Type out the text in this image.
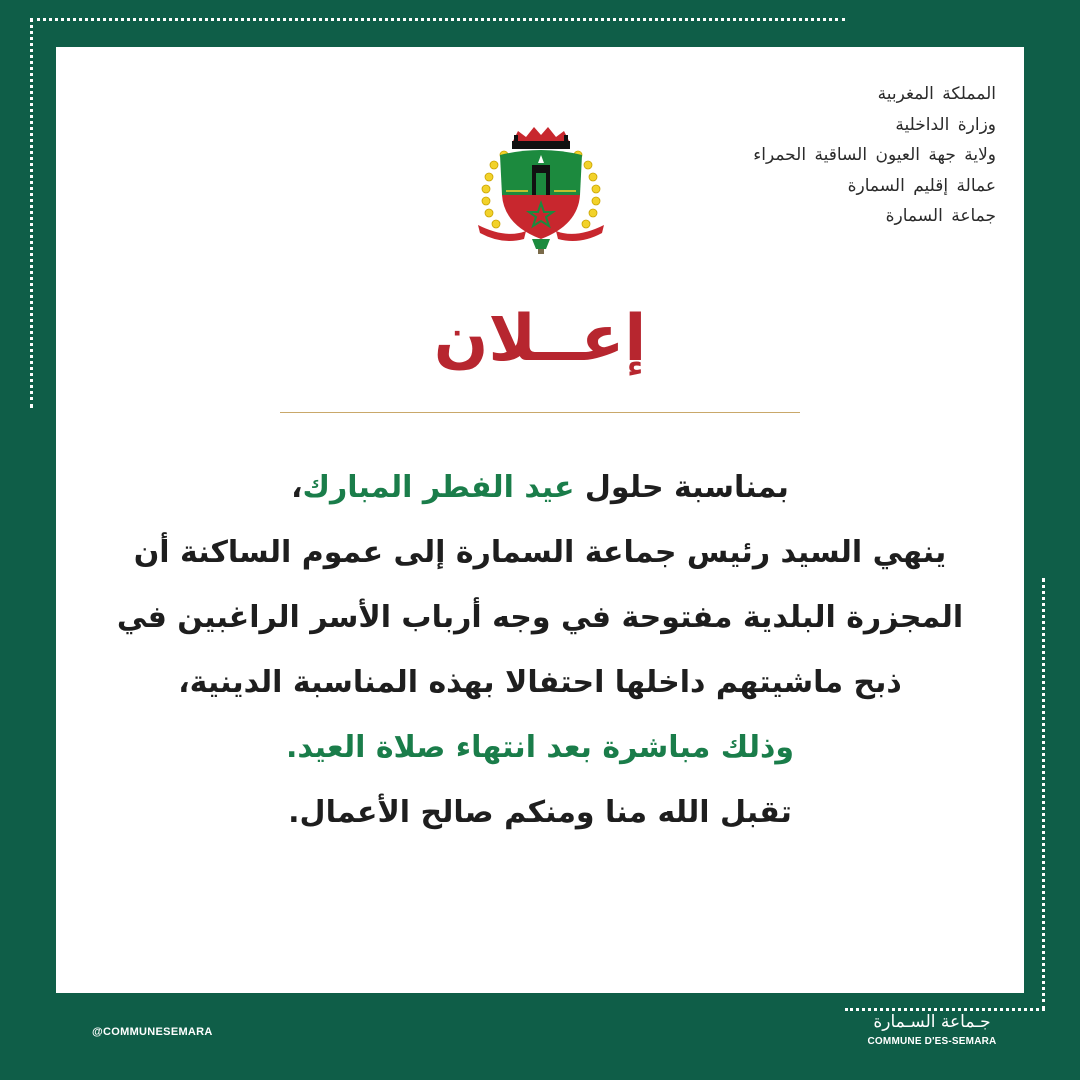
المملكة المغربية
وزارة الداخلية
ولاية جهة العيون الساقية الحمراء
عمالة إقليم السمارة
جماعة السمارة
إعــلان
بمناسبة حلول عيد الفطر المبارك،
ينهي السيد رئيس جماعة السمارة إلى عموم الساكنة أن
المجزرة البلدية مفتوحة في وجه أرباب الأسر الراغبين في
ذبح ماشيتهم داخلها احتفالا بهذه المناسبة الدينية،
وذلك مباشرة بعد انتهاء صلاة العيد.
تقبل الله منا ومنكم صالح الأعمال.
@COMMUNESEMARA	جـماعة السـمارة
COMMUNE D'ES-SEMARA
